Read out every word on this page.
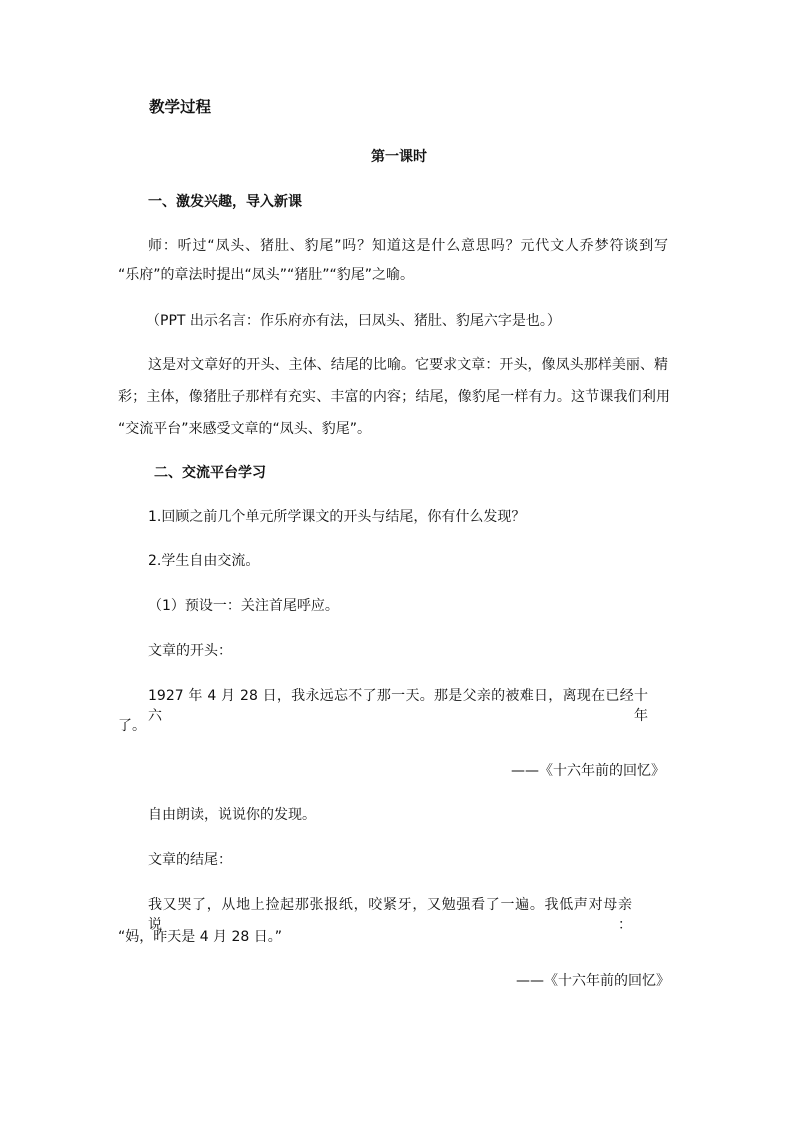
教学过程
第一课时
一、激发兴趣，导入新课
师：听过“凤头、猪肚、豹尾”吗？知道这是什么意思吗？元代文人乔梦符谈到写
“乐府”的章法时提出“凤头”“猪肚”“豹尾”之喻。
（PPT 出示名言：作乐府亦有法，曰凤头、猪肚、豹尾六字是也。）
这是对文章好的开头、主体、结尾的比喻。它要求文章：开头，像凤头那样美丽、精
彩；主体，像猪肚子那样有充实、丰富的内容；结尾，像豹尾一样有力。这节课我们利用
“交流平台”来感受文章的“凤头、豹尾”。
二、交流平台学习
1.回顾之前几个单元所学课文的开头与结尾，你有什么发现？
2.学生自由交流。
（1）预设一：关注首尾呼应。
文章的开头：
1927 年 4 月 28 日，我永远忘不了那一天。那是父亲的被难日，离现在已经十六年
了。
——《十六年前的回忆》
自由朗读，说说你的发现。
文章的结尾：
我又哭了，从地上捡起那张报纸，咬紧牙，又勉强看了一遍。我低声对母亲说：
“妈，昨天是 4 月 28 日。”
——《十六年前的回忆》
